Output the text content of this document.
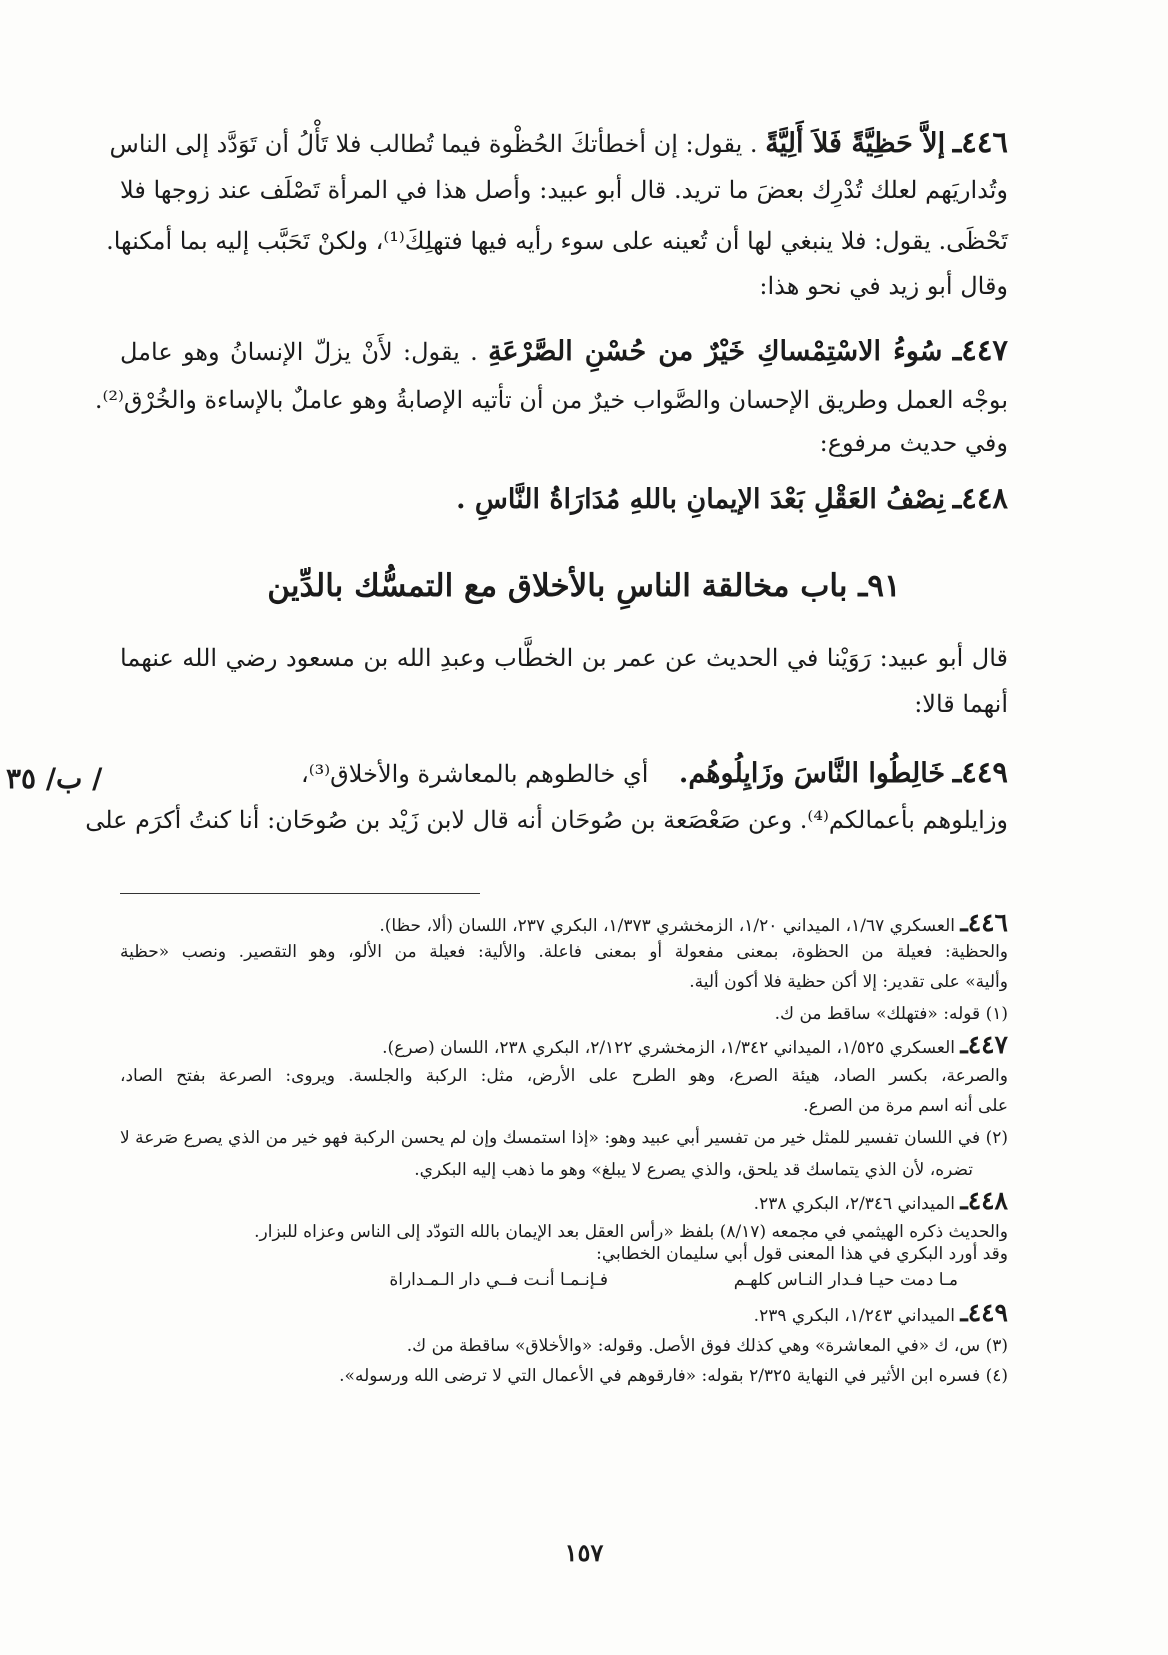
٤٤٦ـ إلاَّ حَظِيَّةً فَلاَ أَلِيَّةً . يقول: إن أخطأتكَ الحُظْوة فيما تُطالب فلا تَأْلُ أن تَوَدَّد إلى الناس
وتُداريَهم لعلك تُدْرِك بعضَ ما تريد. قال أبو عبيد: وأصل هذا في المرأة تَصْلَف عند زوجها فلا
تَحْظَى. يقول: فلا ينبغي لها أن تُعينه على سوء رأيه فيها فتهلِكَ⁽¹⁾، ولكنْ تَحَبَّب إليه بما أمكنها.
وقال أبو زيد في نحو هذا:
٤٤٧ـ سُوءُ الاسْتِمْساكِ خَيْرٌ من حُسْنِ الصَّرْعَةِ . يقول: لأَنْ يزلّ الإنسانُ وهو عامل
بوجْه العمل وطريق الإحسان والصَّواب خيرٌ من أن تأتيه الإصابةُ وهو عاملٌ بالإساءة والخُرْق⁽²⁾.
وفي حديث مرفوع:
٤٤٨ـ نِصْفُ العَقْلِ بَعْدَ الإيمانِ باللهِ مُدَارَاةُ النَّاسِ .
٩١ـ باب مخالقة الناسِ بالأخلاق مع التمسُّك بالدِّين
قال أبو عبيد: رَوَيْنا في الحديث عن عمر بن الخطَّاب وعبدِ الله بن مسعود رضي الله عنهما
أنهما قالا:
٤٤٩ـ خَالِطُوا النَّاسَ وزَايِلُوهُم.    أي خالطوهم بالمعاشرة والأخلاق⁽³⁾،
ب/ ٣٥ /
وزايلوهم بأعمالكم⁽⁴⁾. وعن صَعْصَعة بن صُوحَان أنه قال لابن زَيْد بن صُوحَان: أنا كنتُ أكرَم على
٤٤٦ـ العسكري ١/٦٧، الميداني ١/٢٠، الزمخشري ١/٣٧٣، البكري ٢٣٧، اللسان (ألا، حظا).
والحظية: فعيلة من الحظوة، بمعنى مفعولة أو بمعنى فاعلة. والألية: فعيلة من الألو، وهو التقصير. ونصب «حظية
وألية» على تقدير: إلا أكن حظية فلا أكون ألية.
(١) قوله: «فتهلك» ساقط من ك.
٤٤٧ـ العسكري ١/٥٢٥، الميداني ١/٣٤٢، الزمخشري ٢/١٢٢، البكري ٢٣٨، اللسان (صرع).
والصرعة، بكسر الصاد، هيئة الصرع، وهو الطرح على الأرض، مثل: الركبة والجلسة. ويروى: الصرعة بفتح الصاد،
على أنه اسم مرة من الصرع.
(٢) في اللسان تفسير للمثل خير من تفسير أبي عبيد وهو: «إذا استمسك وإن لم يحسن الركبة فهو خير من الذي يصرع صَرعة لا
تضره، لأن الذي يتماسك قد يلحق، والذي يصرع لا يبلغ» وهو ما ذهب إليه البكري.
٤٤٨ـ الميداني ٢/٣٤٦، البكري ٢٣٨.
والحديث ذكره الهيثمي في مجمعه (٨/١٧) بلفظ «رأس العقل بعد الإيمان بالله التودّد إلى الناس وعزاه للبزار.
وقد أورد البكري في هذا المعنى قول أبي سليمان الخطابي:
مـا دمت حيـا فـدار النـاس كلهـم
فـإنـمـا أنـت فــي دار الـمـداراة
٤٤٩ـ الميداني ١/٢٤٣، البكري ٢٣٩.
(٣) س، ك «في المعاشرة» وهي كذلك فوق الأصل. وقوله: «والأخلاق» ساقطة من ك.
(٤) فسره ابن الأثير في النهاية ٢/٣٢٥ بقوله: «فارقوهم في الأعمال التي لا ترضى الله ورسوله».
١٥٧
